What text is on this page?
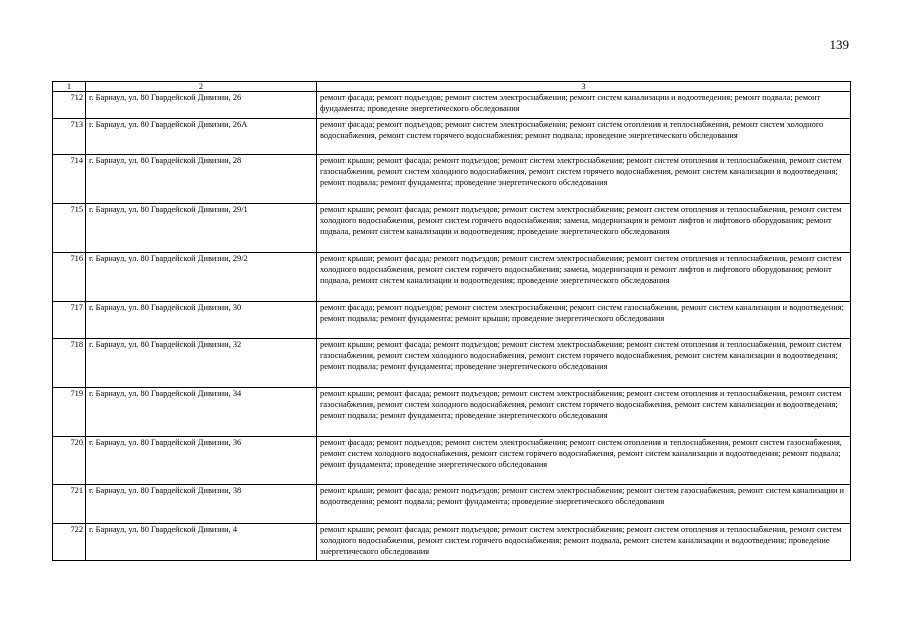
139
1	2	3
712	г. Барнаул, ул. 80 Гвардейской Дивизии, 26	ремонт фасада; ремонт подъездов; ремонт систем электроснабжения; ремонт систем канализации и водоотведения; ремонт подвала; ремонт фундамента; проведение энергетического обследования
713	г. Барнаул, ул. 80 Гвардейской Дивизии, 26А	ремонт фасада; ремонт подъездов; ремонт систем электроснабжения; ремонт систем отопления и теплоснабжения, ремонт систем холодного водоснабжения, ремонт систем горячего водоснабжения; ремонт подвала; проведение энергетического обследования
714	г. Барнаул, ул. 80 Гвардейской Дивизии, 28	ремонт крыши; ремонт фасада; ремонт подъездов; ремонт систем электроснабжения; ремонт систем отопления и теплоснабжения, ремонт систем газоснабжения, ремонт систем холодного водоснабжения, ремонт систем горячего водоснабжения, ремонт систем канализации и водоотведения; ремонт подвала; ремонт фундамента; проведение энергетического обследования
715	г. Барнаул, ул. 80 Гвардейской Дивизии, 29/1	ремонт крыши; ремонт фасада; ремонт подъездов; ремонт систем электроснабжения; ремонт систем отопления и теплоснабжения, ремонт систем холодного водоснабжения, ремонт систем горячего водоснабжения; замена, модернизация и ремонт лифтов и лифтового оборудования; ремонт подвала, ремонт систем канализации и водоотведения; проведение энергетического обследования
716	г. Барнаул, ул. 80 Гвардейской Дивизии, 29/2	ремонт крыши; ремонт фасада; ремонт подъездов; ремонт систем электроснабжения; ремонт систем отопления и теплоснабжения, ремонт систем холодного водоснабжения, ремонт систем горячего водоснабжения; замена, модернизация и ремонт лифтов и лифтового оборудования; ремонт подвала, ремонт систем канализации и водоотведения; проведение энергетического обследования
717	г. Барнаул, ул. 80 Гвардейской Дивизии, 30	ремонт фасада; ремонт подъездов; ремонт систем электроснабжения; ремонт систем газоснабжения, ремонт систем канализации и водоотведения; ремонт подвала; ремонт фундамента; ремонт крыши; проведение энергетического обследования
718	г. Барнаул, ул. 80 Гвардейской Дивизии, 32	ремонт крыши; ремонт фасада; ремонт подъездов; ремонт систем электроснабжения; ремонт систем отопления и теплоснабжения, ремонт систем газоснабжения, ремонт систем холодного водоснабжения, ремонт систем горячего водоснабжения, ремонт систем канализации и водоотведения; ремонт подвала; ремонт фундамента; проведение энергетического обследования
719	г. Барнаул, ул. 80 Гвардейской Дивизии, 34	ремонт крыши; ремонт фасада; ремонт подъездов; ремонт систем электроснабжения; ремонт систем отопления и теплоснабжения, ремонт систем газоснабжения, ремонт систем холодного водоснабжения, ремонт систем горячего водоснабжения, ремонт систем канализации и водоотведения; ремонт подвала; ремонт фундамента; проведение энергетического обследования
720	г. Барнаул, ул. 80 Гвардейской Дивизии, 36	ремонт фасада; ремонт подъездов; ремонт систем электроснабжения; ремонт систем отопления и теплоснабжения, ремонт систем газоснабжения, ремонт систем холодного водоснабжения, ремонт систем горячего водоснабжения, ремонт систем канализации и водоотведения; ремонт подвала; ремонт фундамента; проведение энергетического обследования
721	г. Барнаул, ул. 80 Гвардейской Дивизии, 38	ремонт крыши; ремонт фасада; ремонт подъездов; ремонт систем электроснабжения; ремонт систем газоснабжения, ремонт систем канализации и водоотведения; ремонт подвала; ремонт фундамента; проведение энергетического обследования
722	г. Барнаул, ул. 80 Гвардейской Дивизии, 4	ремонт крыши; ремонт фасада; ремонт подъездов; ремонт систем электроснабжения; ремонт систем отопления и теплоснабжения, ремонт систем холодного водоснабжения, ремонт систем горячего водоснабжения; ремонт подвала, ремонт систем канализации и водоотведения; проведение энергетического обследования
